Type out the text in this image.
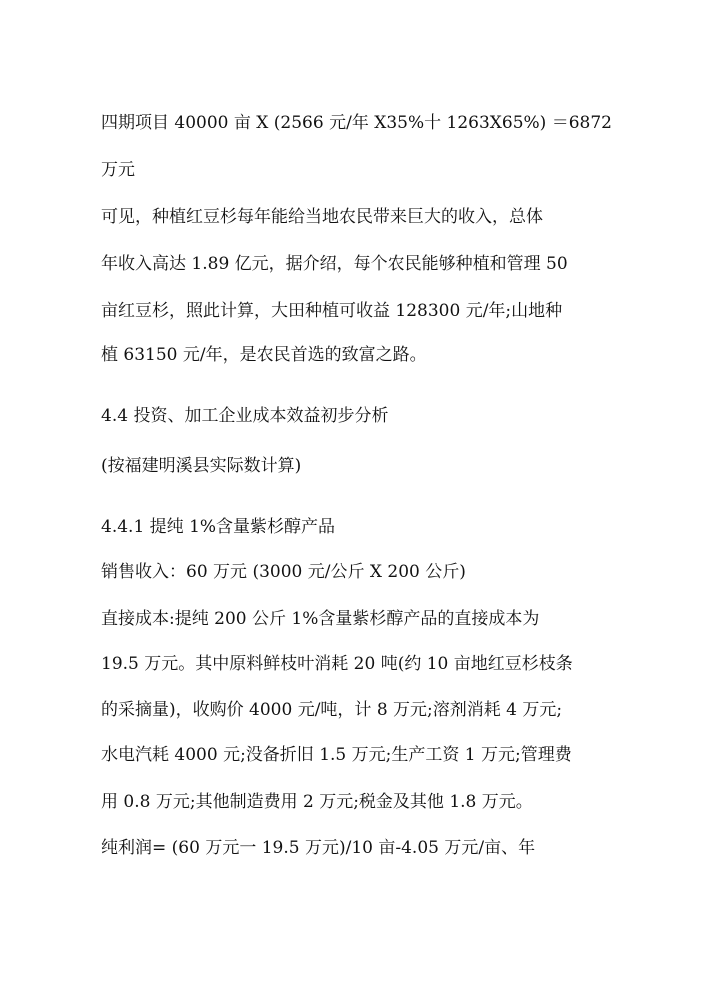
四期项目 40000 亩 X (2566 元/年 X35%十 1263X65%) ＝6872
万元
可见，种植红豆杉每年能给当地农民带来巨大的收入，总体
年收入高达 1.89 亿元，据介绍，每个农民能够种植和管理 50
亩红豆杉，照此计算，大田种植可收益 128300 元/年;山地种
植 63150 元/年，是农民首选的致富之路。
4.4 投资、加工企业成本效益初步分析
(按福建明溪县实际数计算)
4.4.1 提纯 1%含量紫杉醇产品
销售收入：60 万元 (3000 元/公斤 X 200 公斤)
直接成本:提纯 200 公斤 1%含量紫杉醇产品的直接成本为
19.5 万元。其中原料鲜枝叶消耗 20 吨(约 10 亩地红豆杉枝条
的采摘量)，收购价 4000 元/吨，计 8 万元;溶剂消耗 4 万元;
水电汽耗 4000 元;没备折旧 1.5 万元;生产工资 1 万元;管理费
用 0.8 万元;其他制造费用 2 万元;税金及其他 1.8 万元。
纯利润= (60 万元一 19.5 万元)/10 亩-4.05 万元/亩、年
